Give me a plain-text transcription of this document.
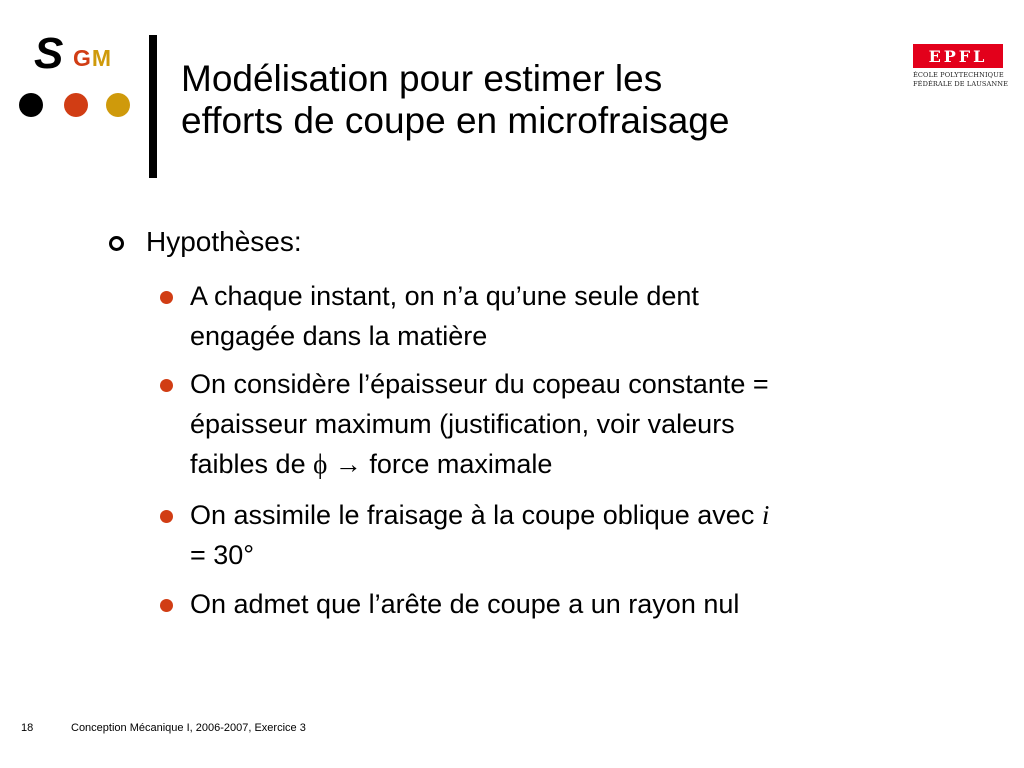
S GM Modélisation pour estimer les
efforts de coupe en microfraisage
EPFL
ÉCOLE POLYTECHNIQUE
FÉDÉRALE DE LAUSANNE
Hypothèses:
A chaque instant, on n’a qu’une seule dent
engagée dans la matière
On considère l’épaisseur du copeau constante =
épaisseur maximum (justification, voir valeurs
faibles de ϕ → force maximale
On assimile le fraisage à la coupe oblique avec i
= 30°
On admet que l’arête de coupe a un rayon nul
18	Conception Mécanique I, 2006-2007, Exercice 3
